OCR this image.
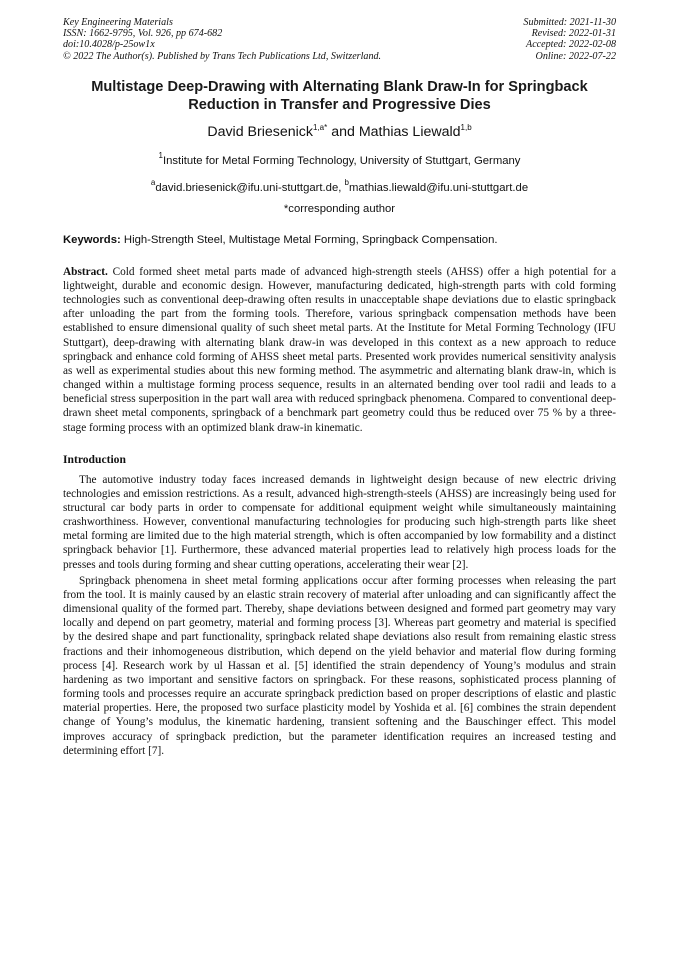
Key Engineering Materials
ISSN: 1662-9795, Vol. 926, pp 674-682
doi:10.4028/p-25ow1x
© 2022 The Author(s). Published by Trans Tech Publications Ltd, Switzerland.
Submitted: 2021-11-30
Revised: 2022-01-31
Accepted: 2022-02-08
Online: 2022-07-22
Multistage Deep-Drawing with Alternating Blank Draw-In for Springback Reduction in Transfer and Progressive Dies
David Briesenick$^{1,a*}$ and Mathias Liewald$^{1,b}$
$^1$Institute for Metal Forming Technology, University of Stuttgart, Germany
$^a$david.briesenick@ifu.uni-stuttgart.de, $^b$mathias.liewald@ifu.uni-stuttgart.de
*corresponding author
Keywords: High-Strength Steel, Multistage Metal Forming, Springback Compensation.
Abstract. Cold formed sheet metal parts made of advanced high-strength steels (AHSS) offer a high potential for a lightweight, durable and economic design. However, manufacturing dedicated, high-strength parts with cold forming technologies such as conventional deep-drawing often results in unacceptable shape deviations due to elastic springback after unloading the part from the forming tools. Therefore, various springback compensation methods have been established to ensure dimensional quality of such sheet metal parts. At the Institute for Metal Forming Technology (IFU Stuttgart), deep-drawing with alternating blank draw-in was developed in this context as a new approach to reduce springback and enhance cold forming of AHSS sheet metal parts. Presented work provides numerical sensitivity analysis as well as experimental studies about this new forming method. The asymmetric and alternating blank draw-in, which is changed within a multistage forming process sequence, results in an alternated bending over tool radii and leads to a beneficial stress superposition in the part wall area with reduced springback phenomena. Compared to conventional deep-drawn sheet metal components, springback of a benchmark part geometry could thus be reduced over 75 % by a three-stage forming process with an optimized blank draw-in kinematic.
Introduction
The automotive industry today faces increased demands in lightweight design because of new electric driving technologies and emission restrictions. As a result, advanced high-strength-steels (AHSS) are increasingly being used for structural car body parts in order to compensate for additional equipment weight while simultaneously maintaining crashworthiness. However, conventional manufacturing technologies for producing such high-strength parts like sheet metal forming are limited due to the high material strength, which is often accompanied by low formability and a distinct springback behavior [1]. Furthermore, these advanced material properties lead to relatively high process loads for the presses and tools during forming and shear cutting operations, accelerating their wear [2].
Springback phenomena in sheet metal forming applications occur after forming processes when releasing the part from the tool. It is mainly caused by an elastic strain recovery of material after unloading and can significantly affect the dimensional quality of the formed part. Thereby, shape deviations between designed and formed part geometry may vary locally and depend on part geometry, material and forming process [3]. Whereas part geometry and material is specified by the desired shape and part functionality, springback related shape deviations also result from remaining elastic stress fractions and their inhomogeneous distribution, which depend on the yield behavior and material flow during forming process [4]. Research work by ul Hassan et al. [5] identified the strain dependency of Young’s modulus and strain hardening as two important and sensitive factors on springback. For these reasons, sophisticated process planning of forming tools and processes require an accurate springback prediction based on proper descriptions of elastic and plastic material properties. Here, the proposed two surface plasticity model by Yoshida et al. [6] combines the strain dependent change of Young’s modulus, the kinematic hardening, transient softening and the Bauschinger effect. This model improves accuracy of springback prediction, but the parameter identification requires an increased testing and determining effort [7].
